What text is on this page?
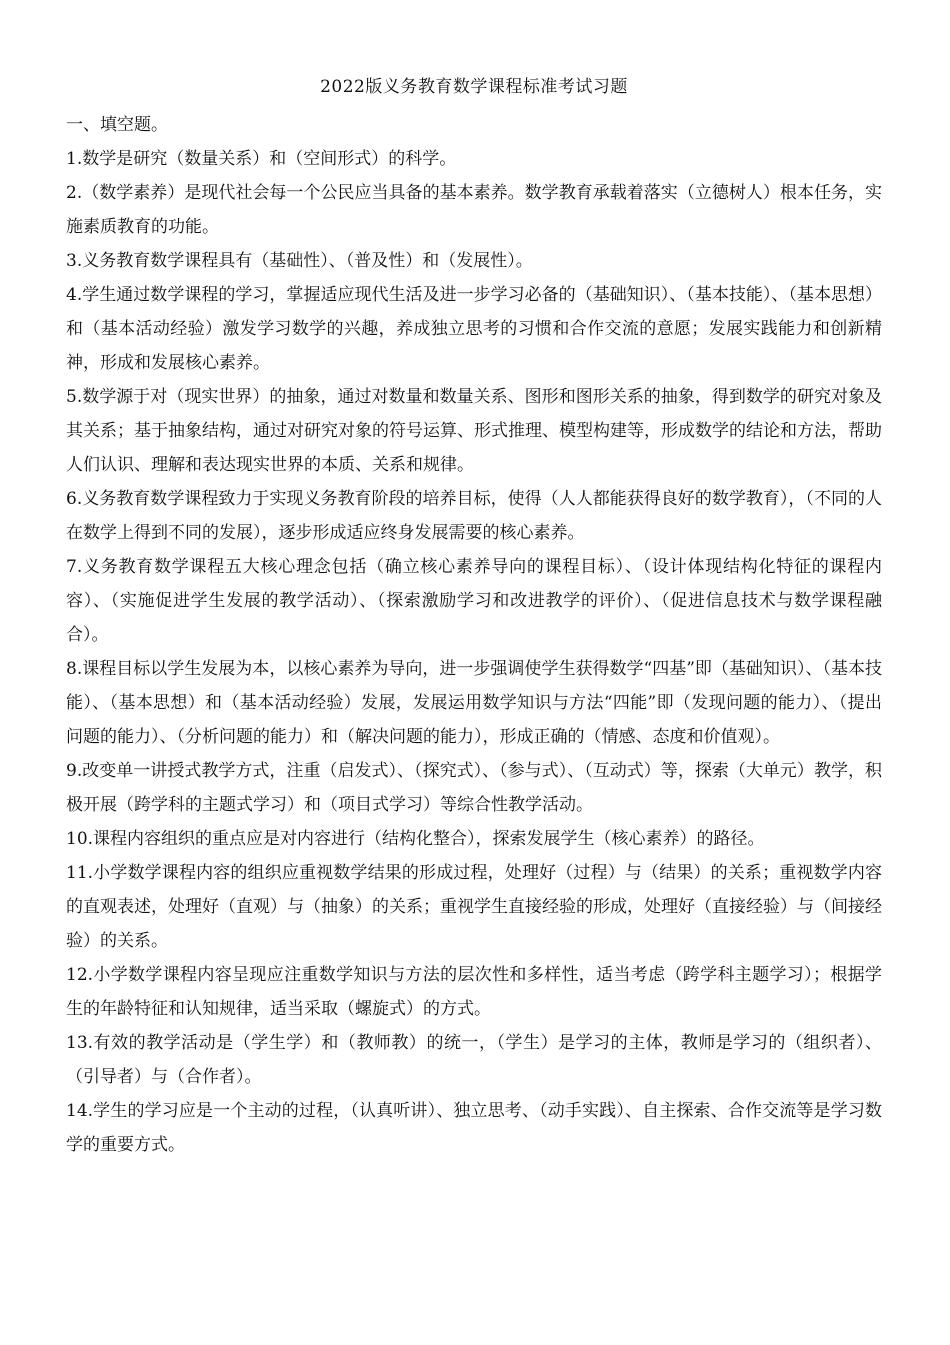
2022版义务教育数学课程标准考试习题

一、填空题。

1.数学是研究（数量关系）和（空间形式）的科学。

2.（数学素养）是现代社会每一个公民应当具备的基本素养。数学教育承载着落实（立德树人）根本任务，实施素质教育的功能。

3.义务教育数学课程具有（基础性）、（普及性）和（发展性）。

4.学生通过数学课程的学习，掌握适应现代生活及进一步学习必备的（基础知识）、（基本技能）、（基本思想）和（基本活动经验）激发学习数学的兴趣，养成独立思考的习惯和合作交流的意愿；发展实践能力和创新精神，形成和发展核心素养。

5.数学源于对（现实世界）的抽象，通过对数量和数量关系、图形和图形关系的抽象，得到数学的研究对象及其关系；基于抽象结构，通过对研究对象的符号运算、形式推理、模型构建等，形成数学的结论和方法，帮助人们认识、理解和表达现实世界的本质、关系和规律。

6.义务教育数学课程致力于实现义务教育阶段的培养目标，使得（人人都能获得良好的数学教育），（不同的人在数学上得到不同的发展），逐步形成适应终身发展需要的核心素养。

7.义务教育数学课程五大核心理念包括（确立核心素养导向的课程目标）、（设计体现结构化特征的课程内容）、（实施促进学生发展的教学活动）、（探索激励学习和改进教学的评价）、（促进信息技术与数学课程融合）。

8.课程目标以学生发展为本，以核心素养为导向，进一步强调使学生获得数学“四基”即（基础知识）、（基本技能）、（基本思想）和（基本活动经验）发展，发展运用数学知识与方法“四能”即（发现问题的能力）、（提出问题的能力）、（分析问题的能力）和（解决问题的能力），形成正确的（情感、态度和价值观）。

9.改变单一讲授式教学方式，注重（启发式）、（探究式）、（参与式）、（互动式）等，探索（大单元）教学，积极开展（跨学科的主题式学习）和（项目式学习）等综合性教学活动。

10.课程内容组织的重点应是对内容进行（结构化整合），探索发展学生（核心素养）的路径。

11.小学数学课程内容的组织应重视数学结果的形成过程，处理好（过程）与（结果）的关系；重视数学内容的直观表述，处理好（直观）与（抽象）的关系；重视学生直接经验的形成，处理好（直接经验）与（间接经验）的关系。

12.小学数学课程内容呈现应注重数学知识与方法的层次性和多样性，适当考虑（跨学科主题学习）；根据学生的年龄特征和认知规律，适当采取（螺旋式）的方式。

13.有效的教学活动是（学生学）和（教师教）的统一，（学生）是学习的主体，教师是学习的（组织者）、（引导者）与（合作者）。

14.学生的学习应是一个主动的过程，（认真听讲）、独立思考、（动手实践）、自主探索、合作交流等是学习数学的重要方式。
